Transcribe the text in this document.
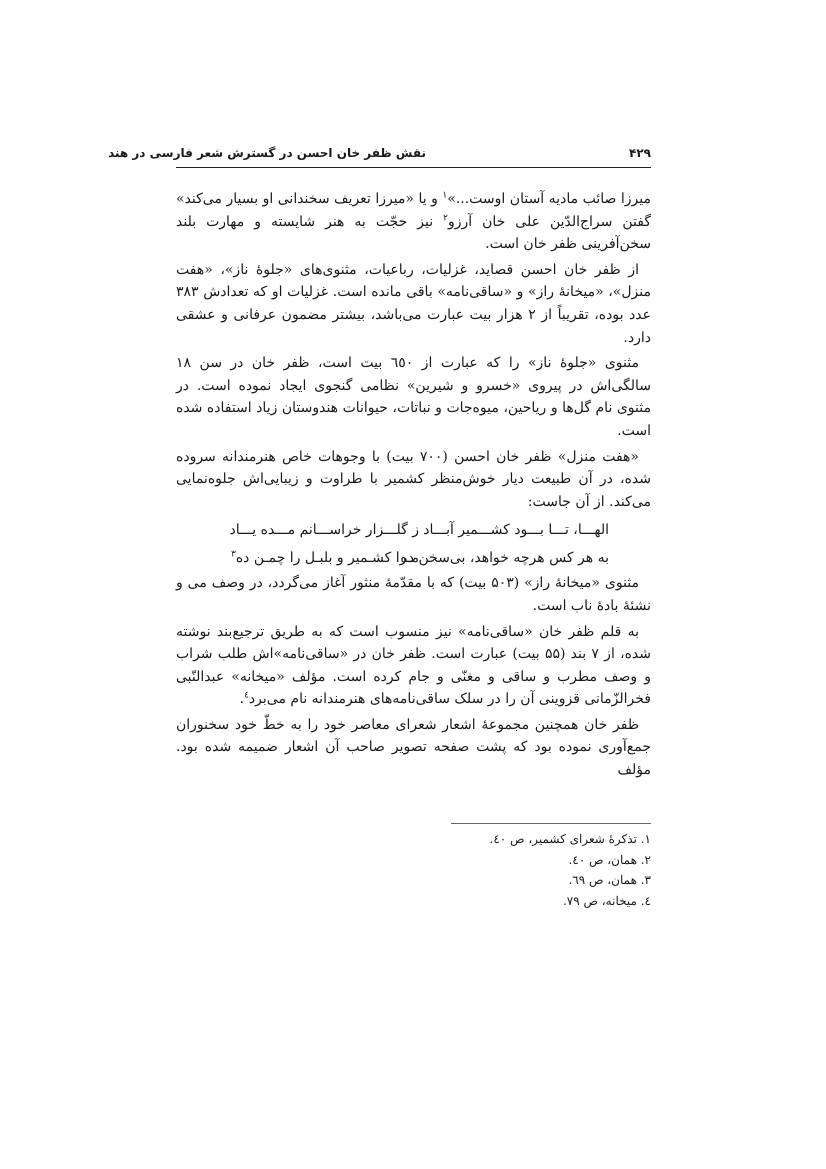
۴۲۹
نقش ظفر خان احسن در گسترش شعر فارسی در هند

میرزا صائب مادیه آستان اوست...»$^۱$ و یا «میرزا تعریف سخندانی او بسیار می‌کند» گفتن سراج‌الدّین علی خان آرزو$^۲$ نیز حجّت به هنر شایسته و مهارت بلند سخن‌آفرینی ظفر خان است.

از ظفر خان احسن قصاید، غزلیات، رباعیات، مثنوی‌های «جلوهٔ ناز»، «هفت منزل»، «میخانهٔ راز» و «ساقی‌نامه» باقی مانده است. غزلیات او که تعدادش ۳۸۳ عدد بوده، تقریباً از ۲ هزار بیت عبارت می‌باشد، بیشتر مضمون عرفانی و عشقی دارد.

مثنوی «جلوهٔ ناز» را که عبارت از ٦٥۰ بیت است، ظفر خان در سن ۱۸ سالگی‌اش در پیروی «خسرو و شیرین» نظامی گنجوی ایجاد نموده است. در مثنوی نام گل‌ها و ریاحین، میوه‌جات و نباتات، حیوانات هندوستان زیاد استفاده شده است.

«هفت منزل» ظفر خان احسن (۷۰۰ بیت) با وجوهات خاص هنرمندانه سروده شده، در آن طبیعت دیار خوش‌منظر کشمیر با طراوت و زیبایی‌اش جلوه‌نمایی می‌کند. از آن جاست:

الهـــا، تـــا بـــود کشـــمیر آبـــاد
ز گلـــزار خراســـانم مـــده یـــاد
به هر کس هرچه خواهد، بی‌سخن ده
مـرا کشـمیر و بلبـل را چمـن ده$^۳$

مثنوی «میخانهٔ راز» (۵۰۳ بیت) که با مقدّمهٔ منثور آغاز می‌گردد، در وصف می و نشئهٔ بادهٔ ناب است.

به قلم ظفر خان «ساقی‌نامه» نیز منسوب است که به طریق ترجیع‌بند نوشته شده، از ۷ بند (۵۵ بیت) عبارت است. ظفر خان در «ساقی‌نامه»اش طلب شراب و وصف مطرب و ساقی و مغنّی و جام کرده است. مؤلف «میخانه» عبدالنّبی فخرالزّمانی قزوینی آن را در سلک ساقی‌نامه‌های هنرمندانه نام می‌برد$^٤$.

ظفر خان همچنین مجموعهٔ اشعار شعرای معاصر خود را به خطّ خود سخنوران جمع‌آوری نموده بود که پشت صفحه تصویر صاحب آن اشعار ضمیمه شده بود. مؤلف

۱. تذکرهٔ شعرای کشمیر، ص ٤٠.
۲. همان، ص ٤٠.
۳. همان، ص ٦٩.
٤. میخانه، ص ۷۹.
